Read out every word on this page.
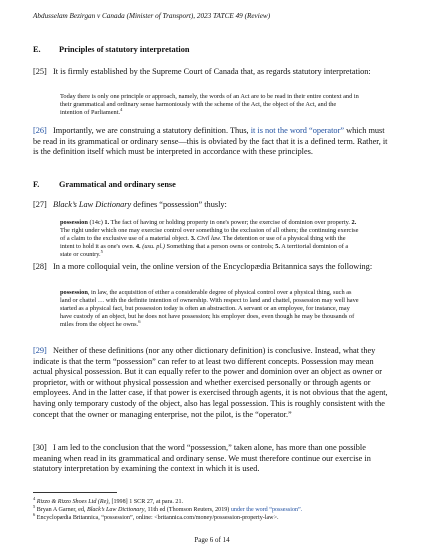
Abdusselam Bezirgan v Canada (Minister of Transport), 2023 TATCE 49 (Review)
E. Principles of statutory interpretation
[25] It is firmly established by the Supreme Court of Canada that, as regards statutory interpretation:
Today there is only one principle or approach, namely, the words of an Act are to be read in their entire context and in their grammatical and ordinary sense harmoniously with the scheme of the Act, the object of the Act, and the intention of Parliament.$^4$
[26] Importantly, we are construing a statutory definition. Thus, it is not the word “operator” which must be read in its grammatical or ordinary sense—this is obviated by the fact that it is a defined term. Rather, it is the definition itself which must be interpreted in accordance with these principles.
F. Grammatical and ordinary sense
[27] Black’s Law Dictionary defines “possession” thusly:
possession (14c) 1. The fact of having or holding property in one's power; the exercise of dominion over property. 2. The right under which one may exercise control over something to the exclusion of all others; the continuing exercise of a claim to the exclusive use of a material object. 3. Civil law. The detention or use of a physical thing with the intent to hold it as one's own. 4. (usu. pl.) Something that a person owns or controls; 5. A territorial dominion of a state or country.$^5$
[28] In a more colloquial vein, the online version of the Encyclopædia Britannica says the following:
possession, in law, the acquisition of either a considerable degree of physical control over a physical thing, such as land or chattel … with the definite intention of ownership. With respect to land and chattel, possession may well have started as a physical fact, but possession today is often an abstraction. A servant or an employee, for instance, may have custody of an object, but he does not have possession; his employer does, even though he may be thousands of miles from the object he owns.$^6$
[29] Neither of these definitions (nor any other dictionary definition) is conclusive. Instead, what they indicate is that the term “possession” can refer to at least two different concepts. Possession may mean actual physical possession. But it can equally refer to the power and dominion over an object as owner or proprietor, with or without physical possession and whether exercised personally or through agents or employees. And in the latter case, if that power is exercised through agents, it is not obvious that the agent, having only temporary custody of the object, also has legal possession. This is roughly consistent with the concept that the owner or managing enterprise, not the pilot, is the “operator.”
[30] I am led to the conclusion that the word “possession,” taken alone, has more than one possible meaning when read in its grammatical and ordinary sense. We must therefore continue our exercise in statutory interpretation by examining the context in which it is used.
$^4$ Rizzo & Rizzo Shoes Ltd (Re), [1998] 1 SCR 27, at para. 21.
$^5$ Bryan A Garner, ed, Black’s Law Dictionary, 11th ed (Thomson Reuters, 2019) under the word “possession”.
$^6$ Encyclopædia Britannica, “possession”, online: <britannica.com/money/possession-property-law>.
Page 6 of 14
